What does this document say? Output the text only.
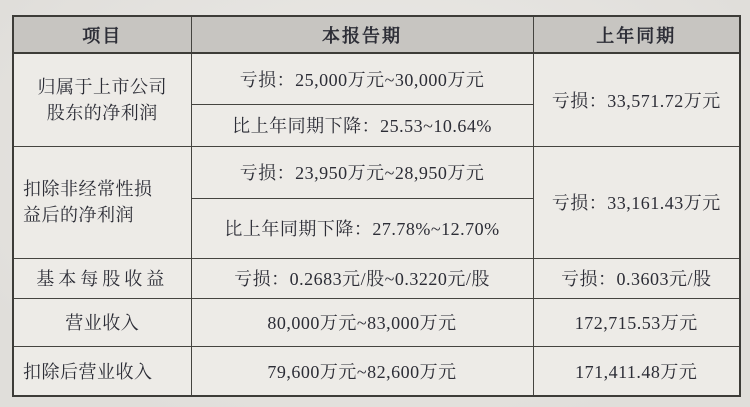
项目	本报告期	上年同期

归属于上市公司
股东的净利润	亏损：25,000万元~30,000万元	亏损：33,571.72万元
	比上年同期下降：25.53~10.64%	

扣除非经常性损
益后的净利润	亏损：23,950万元~28,950万元	亏损：33,161.43万元
	比上年同期下降：27.78%~12.70%	
基本每股收益	亏损：0.2683元/股~0.3220元/股	亏损：0.3603元/股
营业收入	80,000万元~83,000万元	172,715.53万元
扣除后营业收入	79,600万元~82,600万元	171,411.48万元
